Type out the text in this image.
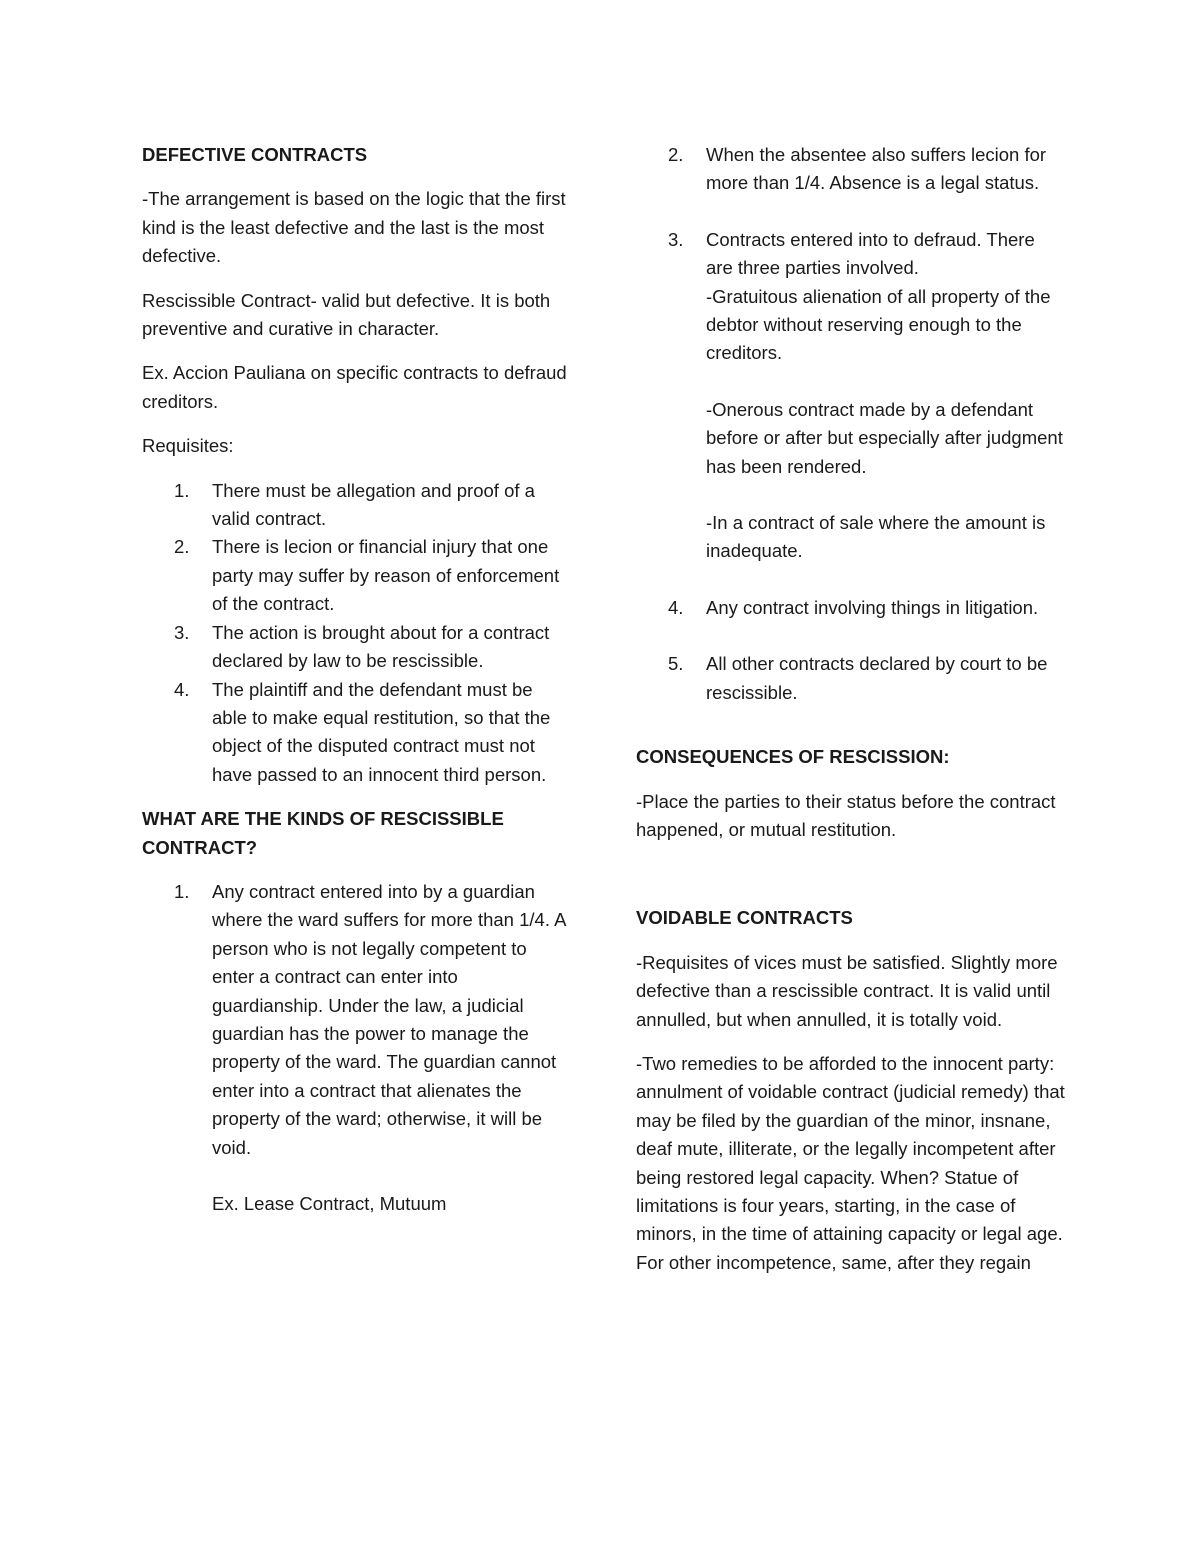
DEFECTIVE CONTRACTS

-The arrangement is based on the logic that the first kind is the least defective and the last is the most defective.

Rescissible Contract- valid but defective. It is both preventive and curative in character.

Ex. Accion Pauliana on specific contracts to defraud creditors.

Requisites:

1. There must be allegation and proof of a valid contract.
2. There is lecion or financial injury that one party may suffer by reason of enforcement of the contract.
3. The action is brought about for a contract declared by law to be rescissible.
4. The plaintiff and the defendant must be able to make equal restitution, so that the object of the disputed contract must not have passed to an innocent third person.

WHAT ARE THE KINDS OF RESCISSIBLE CONTRACT?

1. Any contract entered into by a guardian where the ward suffers for more than 1/4. A person who is not legally competent to enter a contract can enter into guardianship. Under the law, a judicial guardian has the power to manage the property of the ward. The guardian cannot enter into a contract that alienates the property of the ward; otherwise, it will be void.

Ex. Lease Contract, Mutuum

2. When the absentee also suffers lecion for more than 1/4. Absence is a legal status.
3. Contracts entered into to defraud. There are three parties involved.
-Gratuitous alienation of all property of the debtor without reserving enough to the creditors.
-Onerous contract made by a defendant before or after but especially after judgment has been rendered.
-In a contract of sale where the amount is inadequate.
4. Any contract involving things in litigation.
5. All other contracts declared by court to be rescissible.

CONSEQUENCES OF RESCISSION:

-Place the parties to their status before the contract happened, or mutual restitution.

VOIDABLE CONTRACTS

-Requisites of vices must be satisfied. Slightly more defective than a rescissible contract. It is valid until annulled, but when annulled, it is totally void.

-Two remedies to be afforded to the innocent party: annulment of voidable contract (judicial remedy) that may be filed by the guardian of the minor, insnane, deaf mute, illiterate, or the legally incompetent after being restored legal capacity. When? Statue of limitations is four years, starting, in the case of minors, in the time of attaining capacity or legal age. For other incompetence, same, after they regain
